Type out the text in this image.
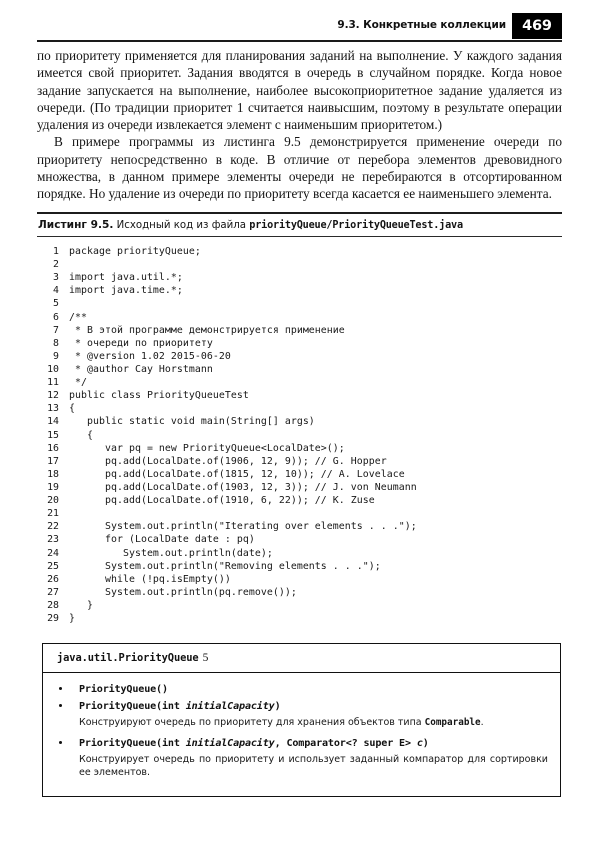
9.3. Конкретные коллекции	469

по приоритету применяется для планирования заданий на выполнение. У каждого задания имеется свой приоритет. Задания вводятся в очередь в случайном порядке. Когда новое задание запускается на выполнение, наиболее высокоприоритетное задание удаляется из очереди. (По традиции приоритет 1 считается наивысшим, поэтому в результате операции удаления из очереди извлекается элемент с наименьшим приоритетом.)

В примере программы из листинга 9.5 демонстрируется применение очереди по приоритету непосредственно в коде. В отличие от перебора элементов древовидного множества, в данном примере элементы очереди не перебираются в отсортированном порядке. Но удаление из очереди по приоритету всегда касается ее наименьшего элемента.

Листинг 9.5. Исходный код из файла priorityQueue/PriorityQueueTest.java
1 package priorityQueue;
2
3 import java.util.*;
4 import java.time.*;
5
6 /**
7 * В этой программе демонстрируется применение
8 * очереди по приоритету
9 * @version 1.02 2015-06-20
10 * @author Cay Horstmann
11 */
12 public class PriorityQueueTest
13 {
14   public static void main(String[] args)
15   {
16      var pq = new PriorityQueue<LocalDate>();
17      pq.add(LocalDate.of(1906, 12, 9)); // G. Hopper
18      pq.add(LocalDate.of(1815, 12, 10)); // A. Lovelace
19      pq.add(LocalDate.of(1903, 12, 3)); // J. von Neumann
20      pq.add(LocalDate.of(1910, 6, 22)); // K. Zuse
21
22      System.out.println("Iterating over elements . . .");
23      for (LocalDate date : pq)
24         System.out.println(date);
25      System.out.println("Removing elements . . .");
26      while (!pq.isEmpty())
27      System.out.println(pq.remove());
28   }
29 }
java.util.PriorityQueue 5
PriorityQueue()
PriorityQueue(int initialCapacity)
Конструируют очередь по приоритету для хранения объектов типа Comparable.
PriorityQueue(int initialCapacity, Comparator<? super E> c)
Конструирует очередь по приоритету и использует заданный компаратор для сортировки ее элементов.
